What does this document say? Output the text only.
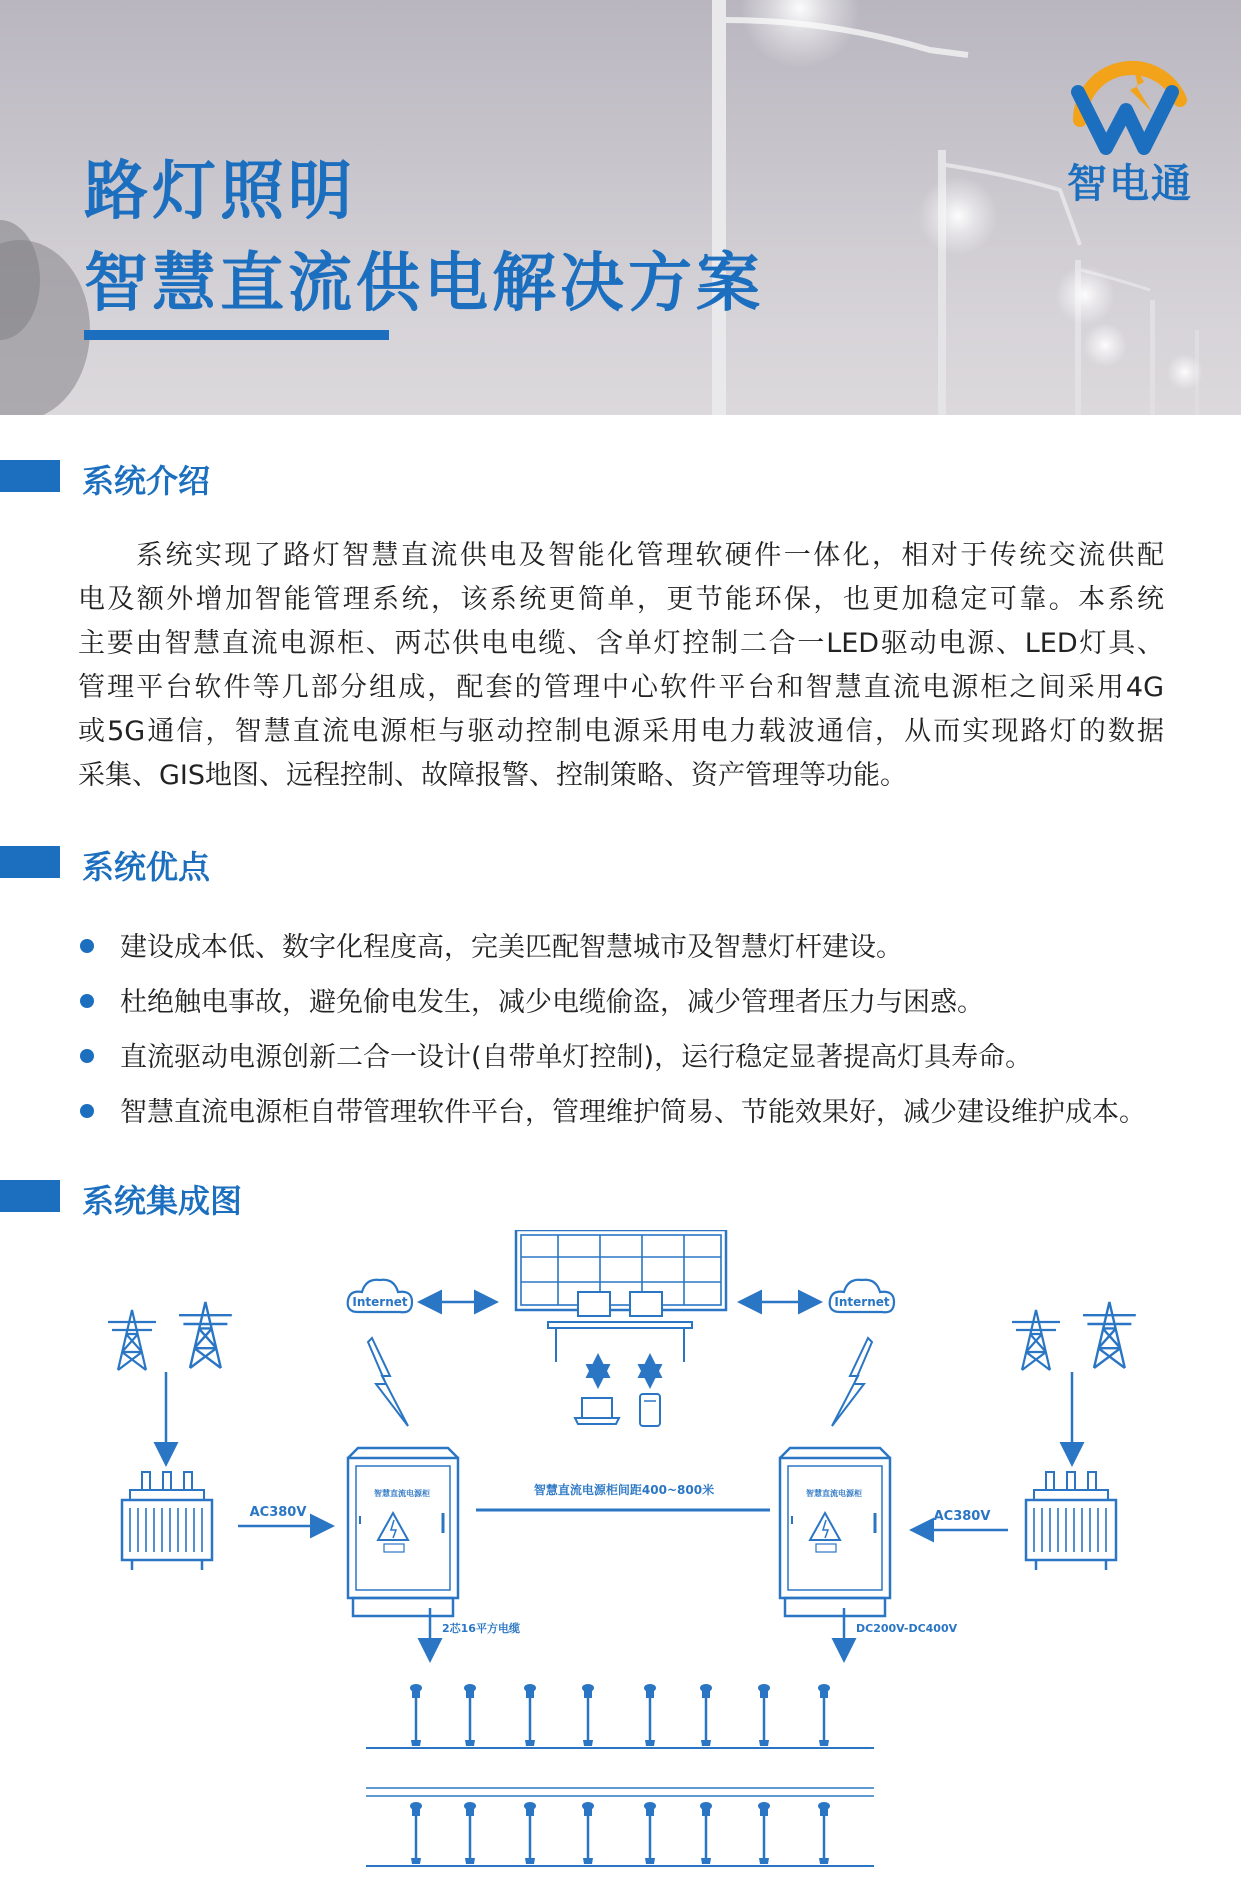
路灯照明
智慧直流供电解决方案
智电通
系统介绍
系统实现了路灯智慧直流供电及智能化管理软硬件一体化，相对于传统交流供配
电及额外增加智能管理系统，该系统更简单，更节能环保，也更加稳定可靠。本系统
主要由智慧直流电源柜、两芯供电电缆、含单灯控制二合一LED驱动电源、LED灯具、
管理平台软件等几部分组成，配套的管理中心软件平台和智慧直流电源柜之间采用4G
或5G通信，智慧直流电源柜与驱动控制电源采用电力载波通信，从而实现路灯的数据
采集、GIS地图、远程控制、故障报警、控制策略、资产管理等功能。
系统优点
建设成本低、数字化程度高，完美匹配智慧城市及智慧灯杆建设。
杜绝触电事故，避免偷电发生，减少电缆偷盗，减少管理者压力与困惑。
直流驱动电源创新二合一设计(自带单灯控制)，运行稳定显著提高灯具寿命。
智慧直流电源柜自带管理软件平台，管理维护简易、节能效果好，减少建设维护成本。
系统集成图
Internet	Internet
AC380V	AC380V
智慧直流电源柜	智慧直流电源柜
智慧直流电源柜间距400~800米
2芯16平方电缆	DC200V-DC400V
